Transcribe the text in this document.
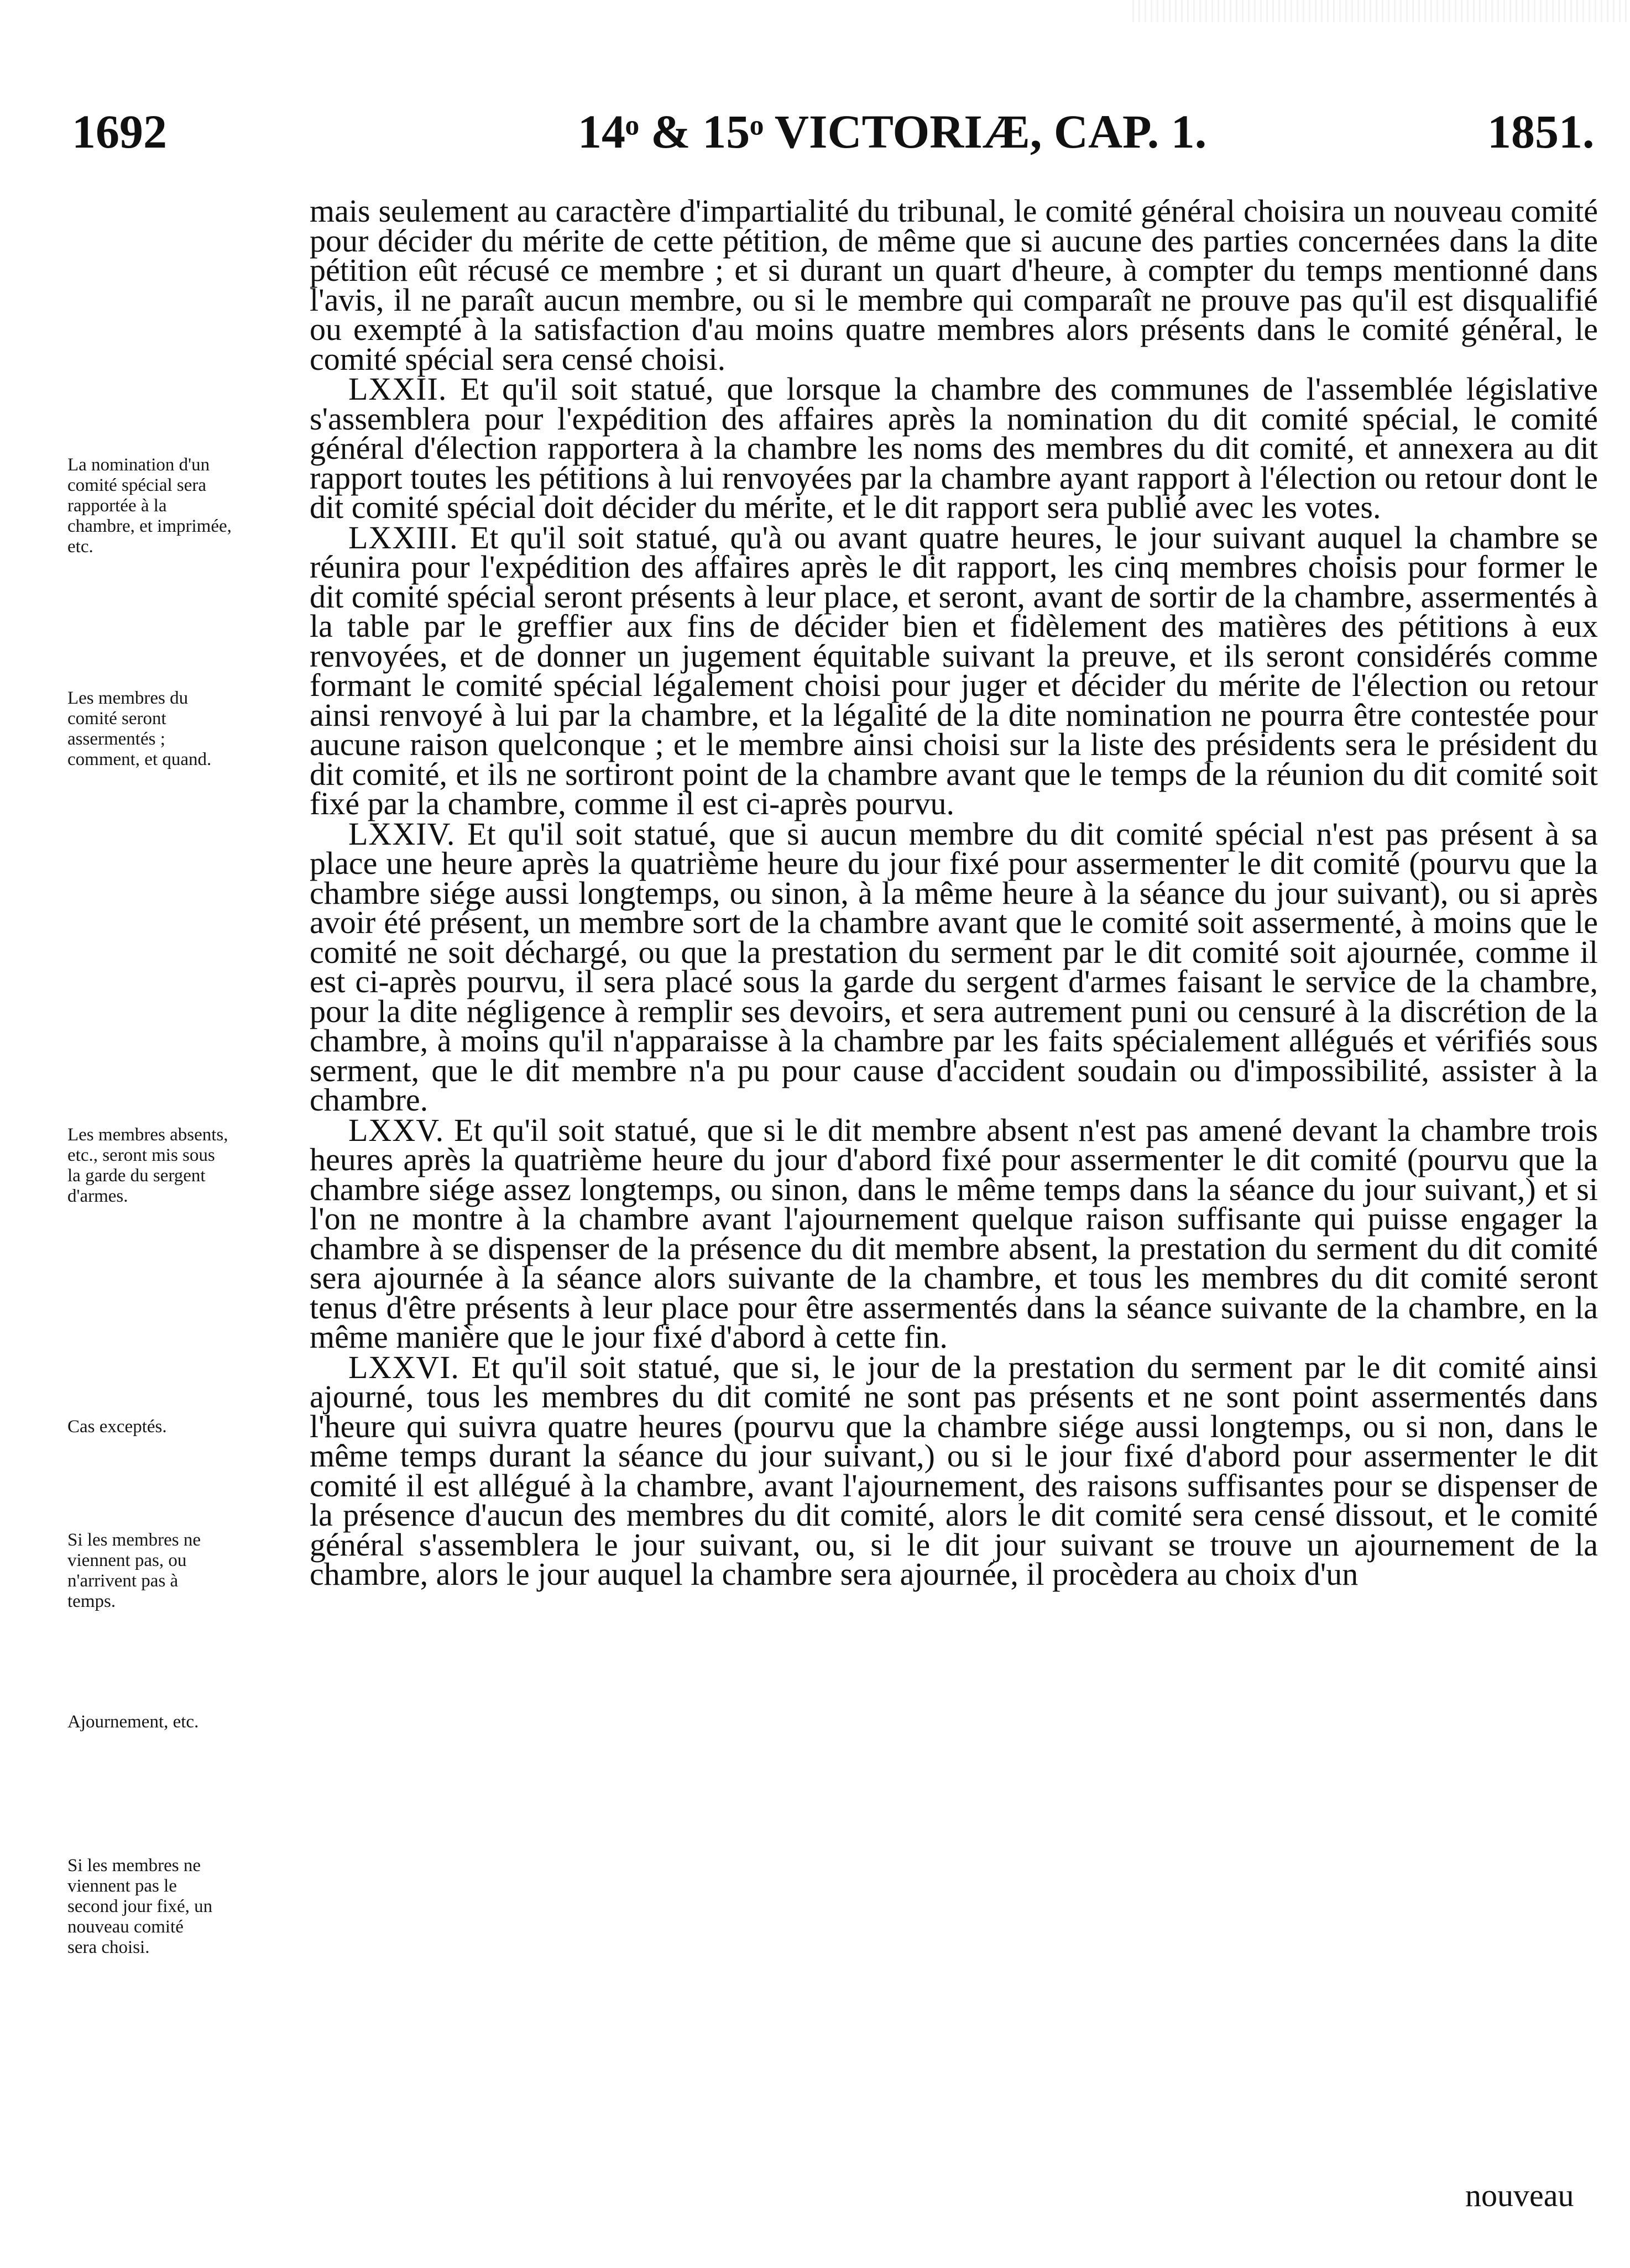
1692	14ᵒ & 15ᵒ VICTORIÆ, CAP. 1.	1851.
La nomination d'un
comité spécial sera
rapportée à la
chambre, et imprimée,
etc.
Les membres du
comité seront
assermentés ;
comment, et quand.
Les membres absents,
etc., seront mis sous
la garde du sergent
d'armes.
Cas exceptés.
Si les membres ne
viennent pas, ou
n'arrivent pas à
temps.
Ajournement, etc.
Si les membres ne
viennent pas le
second jour fixé, un
nouveau comité
sera choisi.

mais seulement au caractère d'impartialité du tribunal, le comité général choisira un nouveau comité pour décider du mérite de cette pétition, de même que si aucune des parties concernées dans la dite pétition eût récusé ce membre ; et si durant un quart d'heure, à compter du temps mentionné dans l'avis, il ne paraît aucun membre, ou si le membre qui comparaît ne prouve pas qu'il est disqualifié ou exempté à la satisfaction d'au moins quatre membres alors présents dans le comité général, le comité spécial sera censé choisi.

LXXII. Et qu'il soit statué, que lorsque la chambre des communes de l'assemblée législative s'assemblera pour l'expédition des affaires après la nomination du dit comité spécial, le comité général d'élection rapportera à la chambre les noms des membres du dit comité, et annexera au dit rapport toutes les pétitions à lui renvoyées par la chambre ayant rapport à l'élection ou retour dont le dit comité spécial doit décider du mérite, et le dit rapport sera publié avec les votes.

LXXIII. Et qu'il soit statué, qu'à ou avant quatre heures, le jour suivant auquel la chambre se réunira pour l'expédition des affaires après le dit rapport, les cinq membres choisis pour former le dit comité spécial seront présents à leur place, et seront, avant de sortir de la chambre, assermentés à la table par le greffier aux fins de décider bien et fidèlement des matières des pétitions à eux renvoyées, et de donner un jugement équitable suivant la preuve, et ils seront considérés comme formant le comité spécial légalement choisi pour juger et décider du mérite de l'élection ou retour ainsi renvoyé à lui par la chambre, et la légalité de la dite nomination ne pourra être contestée pour aucune raison quelconque ; et le membre ainsi choisi sur la liste des présidents sera le président du dit comité, et ils ne sortiront point de la chambre avant que le temps de la réunion du dit comité soit fixé par la chambre, comme il est ci-après pourvu.

LXXIV. Et qu'il soit statué, que si aucun membre du dit comité spécial n'est pas présent à sa place une heure après la quatrième heure du jour fixé pour assermenter le dit comité (pourvu que la chambre siége aussi longtemps, ou sinon, à la même heure à la séance du jour suivant), ou si après avoir été présent, un membre sort de la chambre avant que le comité soit assermenté, à moins que le comité ne soit déchargé, ou que la prestation du serment par le dit comité soit ajournée, comme il est ci-après pourvu, il sera placé sous la garde du sergent d'armes faisant le service de la chambre, pour la dite négligence à remplir ses devoirs, et sera autrement puni ou censuré à la discrétion de la chambre, à moins qu'il n'apparaisse à la chambre par les faits spécialement allégués et vérifiés sous serment, que le dit membre n'a pu pour cause d'accident soudain ou d'impossibilité, assister à la chambre.

LXXV. Et qu'il soit statué, que si le dit membre absent n'est pas amené devant la chambre trois heures après la quatrième heure du jour d'abord fixé pour assermenter le dit comité (pourvu que la chambre siége assez longtemps, ou sinon, dans le même temps dans la séance du jour suivant,) et si l'on ne montre à la chambre avant l'ajournement quelque raison suffisante qui puisse engager la chambre à se dispenser de la présence du dit membre absent, la prestation du serment du dit comité sera ajournée à la séance alors suivante de la chambre, et tous les membres du dit comité seront tenus d'être présents à leur place pour être assermentés dans la séance suivante de la chambre, en la même manière que le jour fixé d'abord à cette fin.

LXXVI. Et qu'il soit statué, que si, le jour de la prestation du serment par le dit comité ainsi ajourné, tous les membres du dit comité ne sont pas présents et ne sont point assermentés dans l'heure qui suivra quatre heures (pourvu que la chambre siége aussi longtemps, ou si non, dans le même temps durant la séance du jour suivant,) ou si le jour fixé d'abord pour assermenter le dit comité il est allégué à la chambre, avant l'ajournement, des raisons suffisantes pour se dispenser de la présence d'aucun des membres du dit comité, alors le dit comité sera censé dissout, et le comité général s'assemblera le jour suivant, ou, si le dit jour suivant se trouve un ajournement de la chambre, alors le jour auquel la chambre sera ajournée, il procèdera au choix d'un

nouveau
